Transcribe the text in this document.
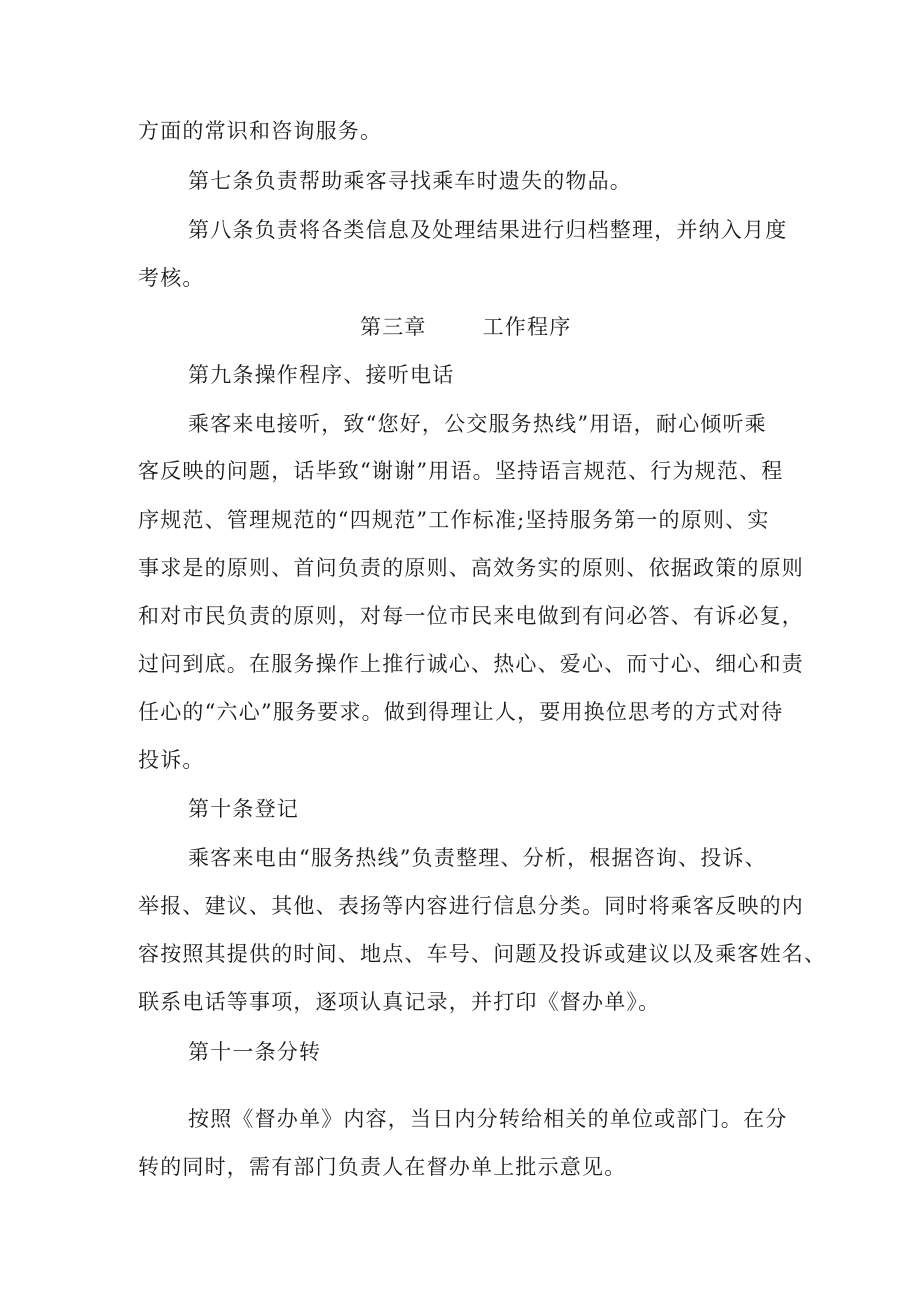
方面的常识和咨询服务。
第七条负责帮助乘客寻找乘车时遗失的物品。
第八条负责将各类信息及处理结果进行归档整理，并纳入月度
考核。
第三章	工作程序
第九条操作程序、接听电话
乘客来电接听，致“您好，公交服务热线”用语，耐心倾听乘
客反映的问题，话毕致“谢谢”用语。坚持语言规范、行为规范、程
序规范、管理规范的“四规范”工作标准;坚持服务第一的原则、实
事求是的原则、首问负责的原则、高效务实的原则、依据政策的原则
和对市民负责的原则，对每一位市民来电做到有问必答、有诉必复，
过问到底。在服务操作上推行诚心、热心、爱心、而寸心、细心和责
任心的“六心”服务要求。做到得理让人，要用换位思考的方式对待
投诉。
第十条登记
乘客来电由“服务热线”负责整理、分析，根据咨询、投诉、
举报、建议、其他、表扬等内容进行信息分类。同时将乘客反映的内
容按照其提供的时间、地点、车号、问题及投诉或建议以及乘客姓名、
联系电话等事项，逐项认真记录，并打印《督办单》。
第十一条分转
按照《督办单》内容，当日内分转给相关的单位或部门。在分
转的同时，需有部门负责人在督办单上批示意见。
